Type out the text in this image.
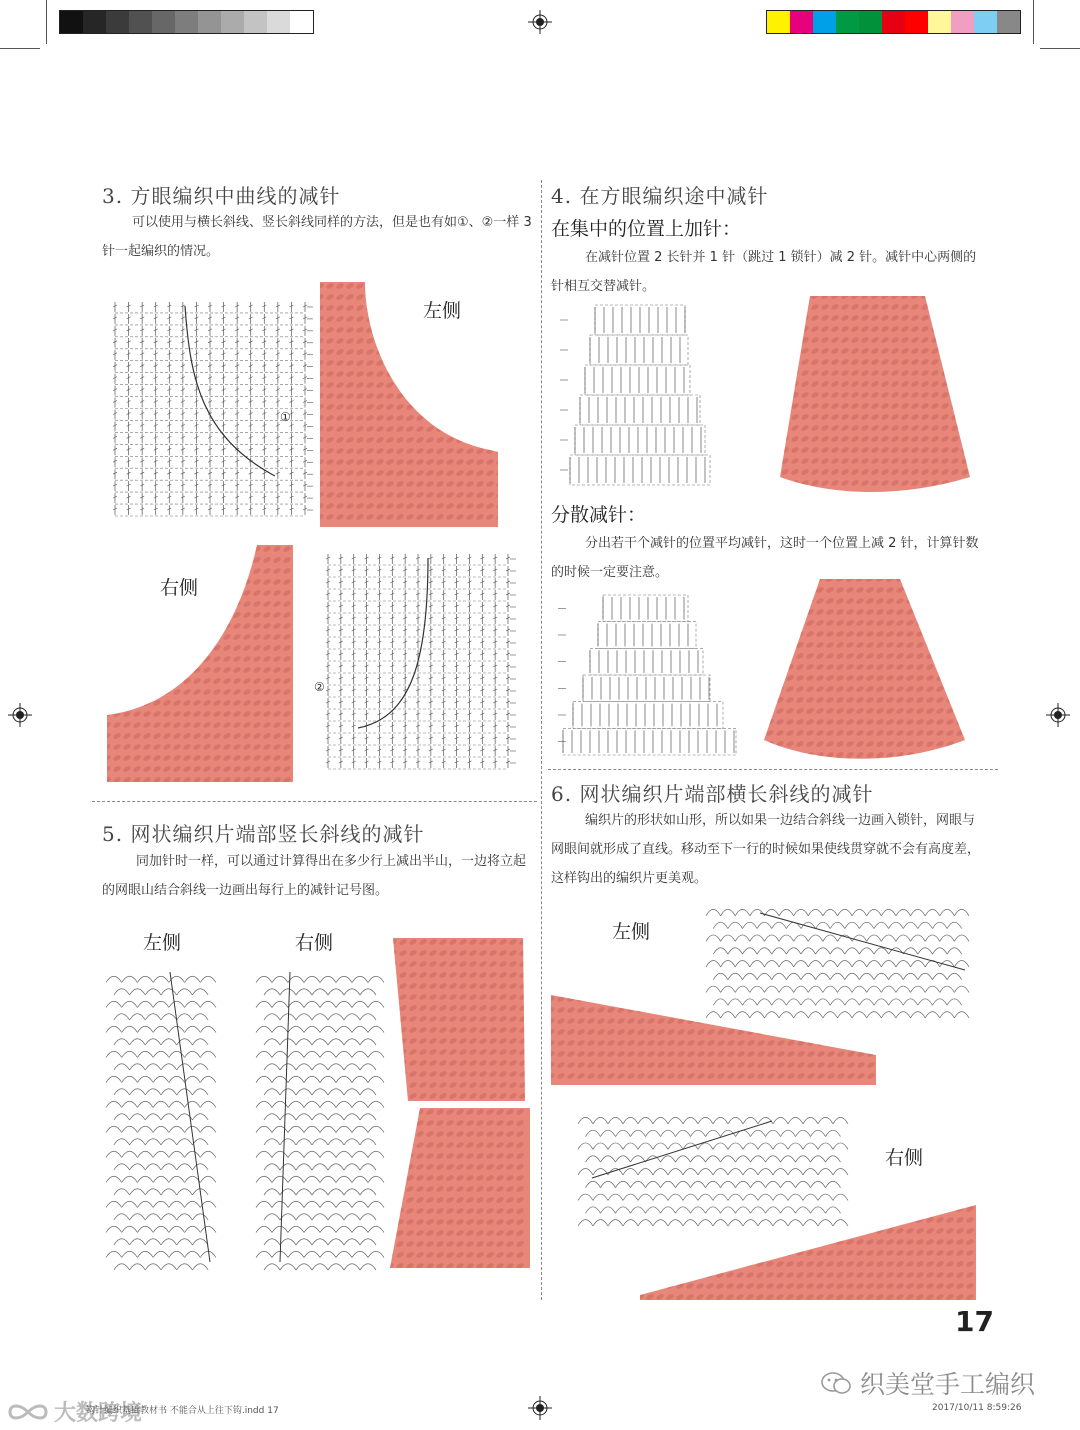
3. 方眼编织中曲线的减针
可以使用与横长斜线、竖长斜线同样的方法，但是也有如①、②一样 3 针一起编织的情况。
左侧
①
右侧
②
4. 在方眼编织途中减针
在集中的位置上加针：
在减针位置 2 长针并 1 针（跳过 1 锁针）减 2 针。减针中心两侧的针相互交替减针。
分散减针：
分出若干个减针的位置平均减针，这时一个位置上减 2 针，计算针数的时候一定要注意。
5. 网状编织片端部竖长斜线的减针
同加针时一样，可以通过计算得出在多少行上减出半山，一边将立起的网眼山结合斜线一边画出每行上的减针记号图。
左侧	右侧
6. 网状编织片端部横长斜线的减针
编织片的形状如山形，所以如果一边结合斜线一边画入锁针，网眼与网眼间就形成了直线。移动至下一行的时候如果使线贯穿就不会有高度差，这样钩出的编织片更美观。
左侧
右侧
17
织美堂手工编织
大数跨境
钩针编织基础教材书 不能合从上往下钩.indd 17	2017/10/11 8:59:26
